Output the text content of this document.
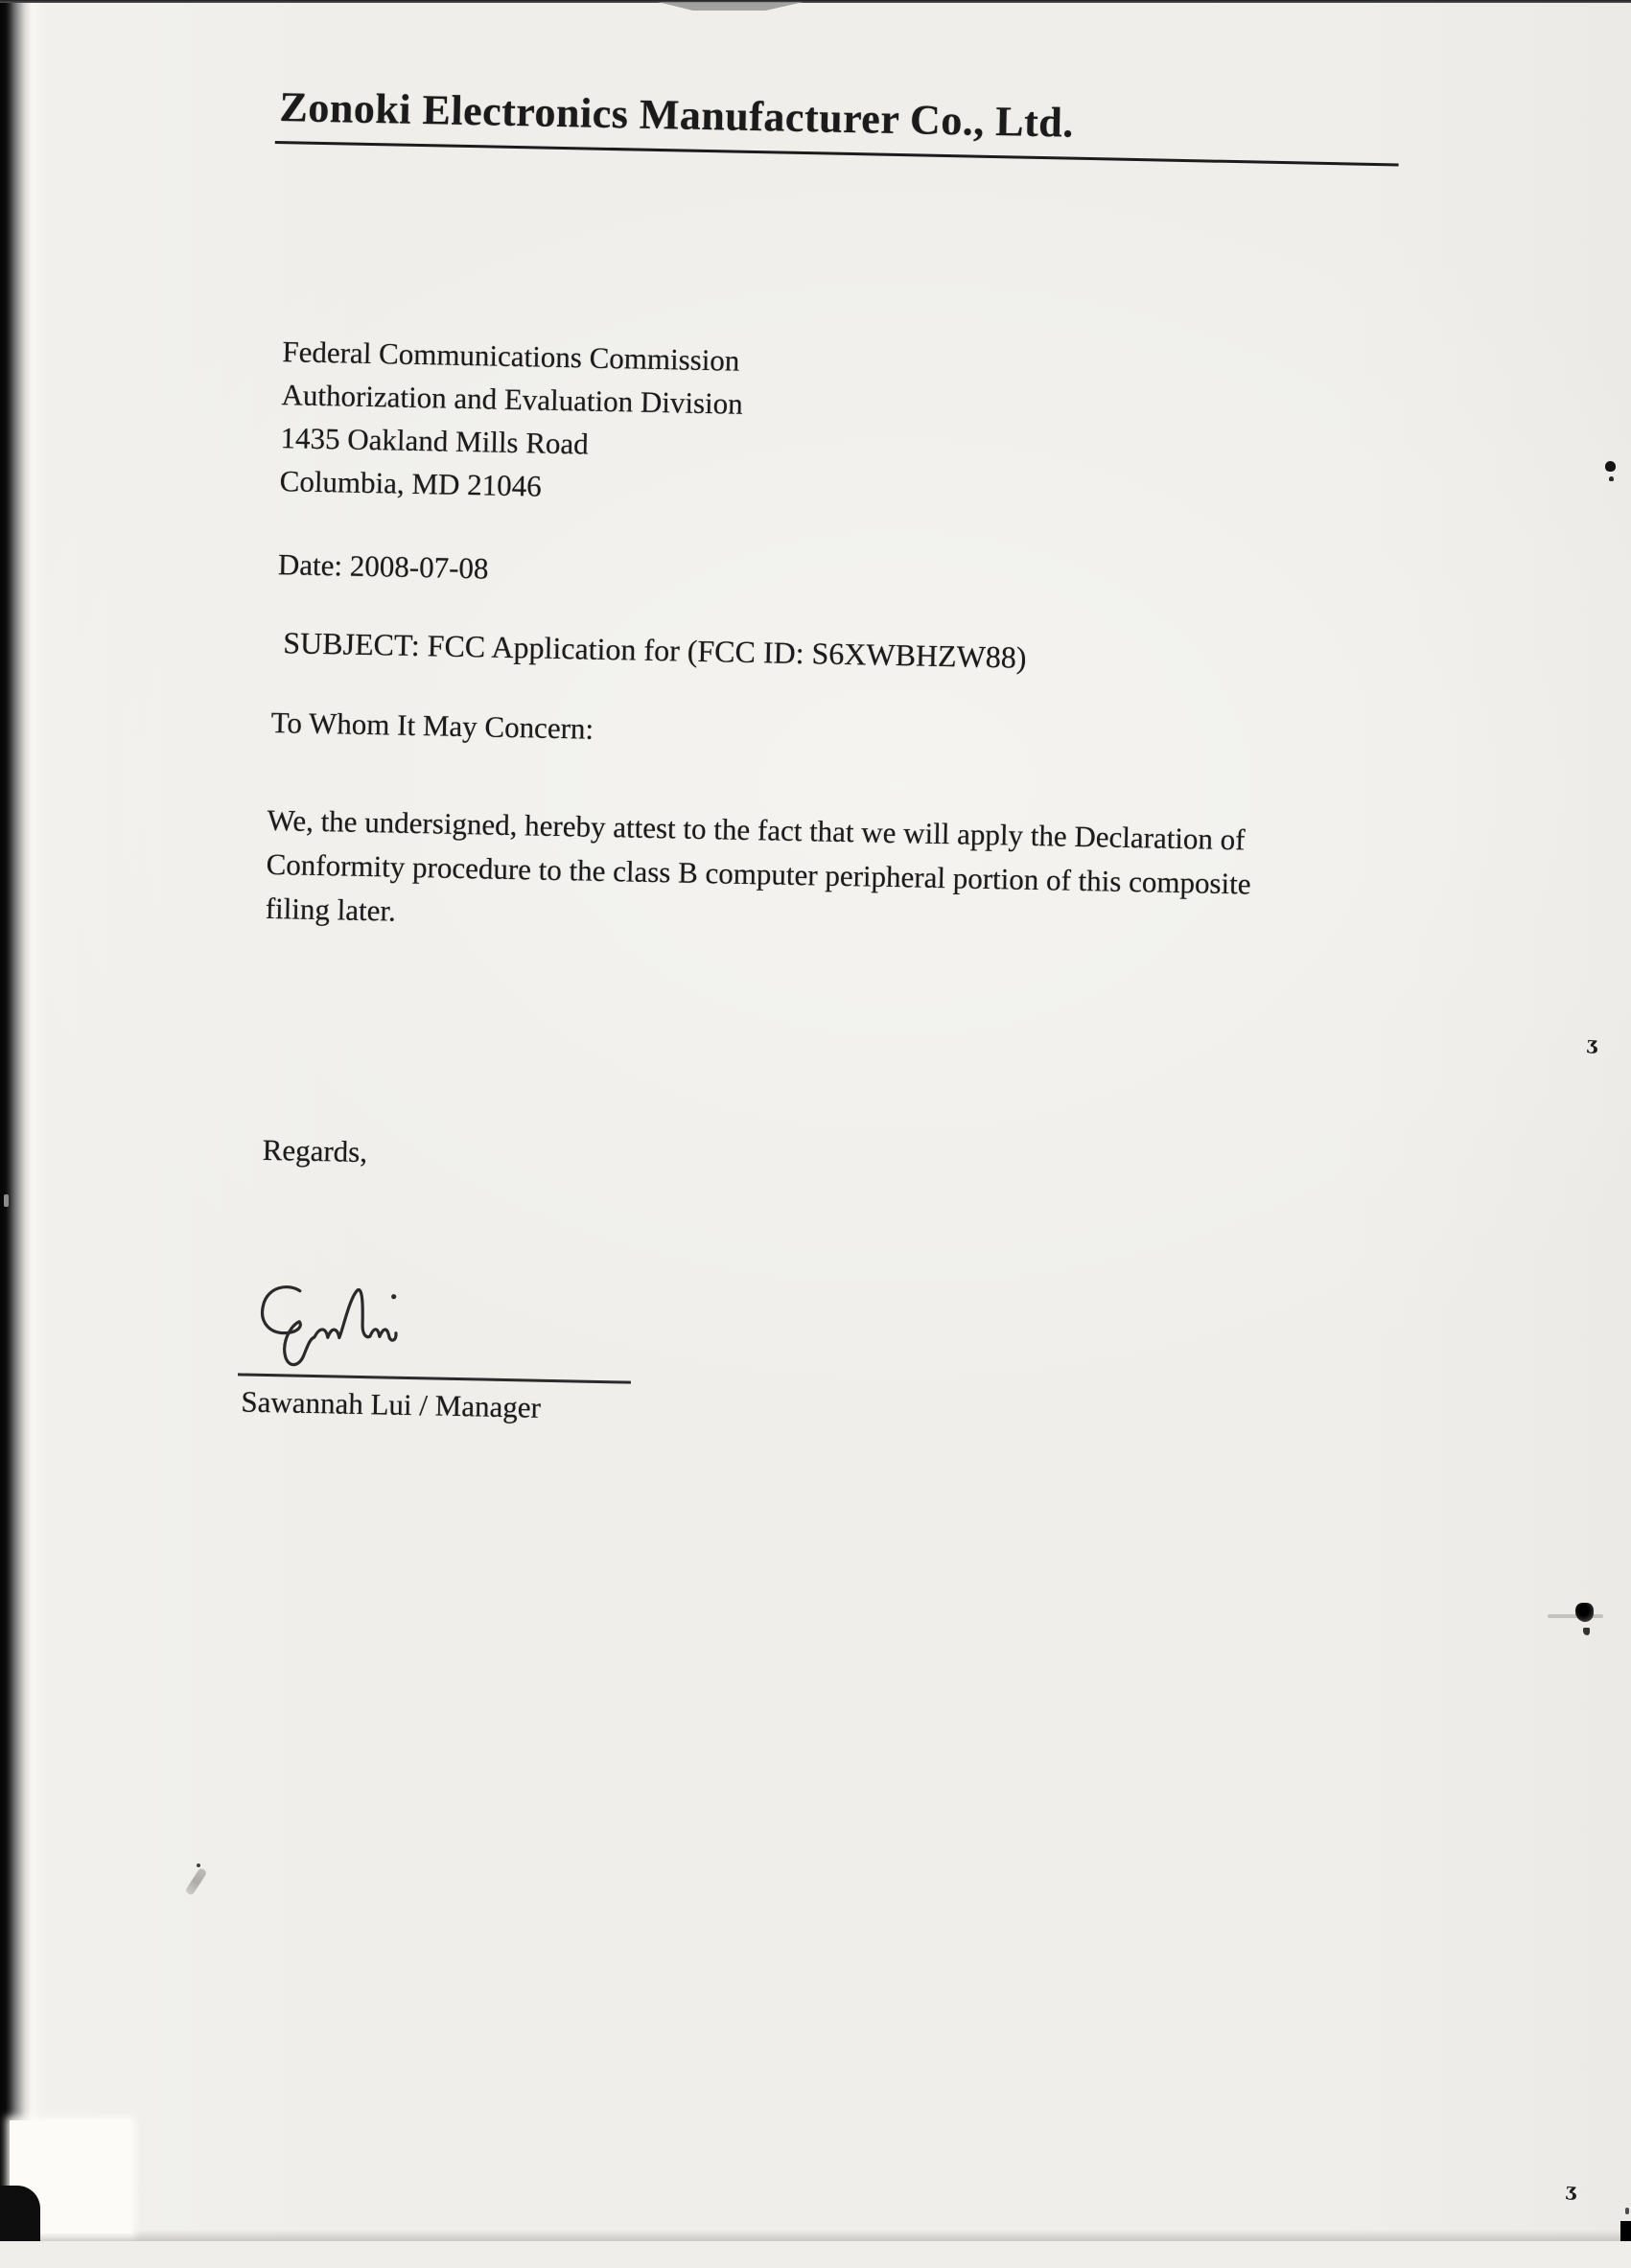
Zonoki Electronics Manufacturer Co., Ltd.
Federal Communications Commission
Authorization and Evaluation Division
1435 Oakland Mills Road
Columbia, MD 21046
Date: 2008-07-08
SUBJECT: FCC Application for (FCC ID: S6XWBHZW88)
To Whom It May Concern:
We, the undersigned, hereby attest to the fact that we will apply the Declaration of
Conformity procedure to the class B computer peripheral portion of this composite
filing later.
Regards,
Sawannah Lui / Manager
ʒ
ʒ
